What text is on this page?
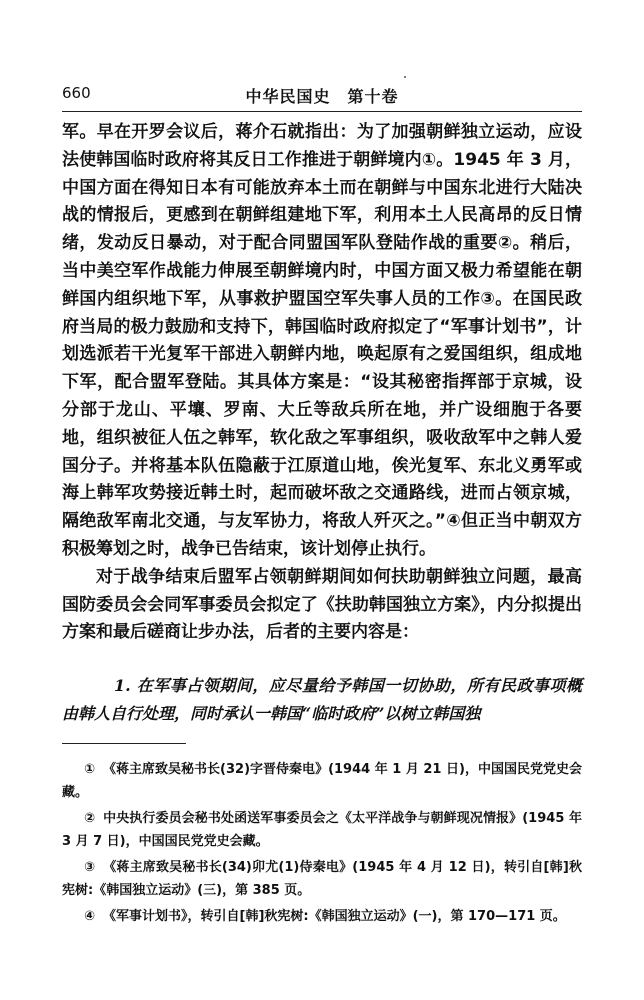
660	中华民国史　第十卷

军。早在开罗会议后，蒋介石就指出：为了加强朝鲜独立运动，应设法使韩国临时政府将其反日工作推进于朝鲜境内①。1945 年 3 月，中国方面在得知日本有可能放弃本土而在朝鲜与中国东北进行大陆决战的情报后，更感到在朝鲜组建地下军，利用本土人民高昂的反日情绪，发动反日暴动，对于配合同盟国军队登陆作战的重要②。稍后，当中美空军作战能力伸展至朝鲜境内时，中国方面又极力希望能在朝鲜国内组织地下军，从事救护盟国空军失事人员的工作③。在国民政府当局的极力鼓励和支持下，韩国临时政府拟定了“军事计划书”，计划选派若干光复军干部进入朝鲜内地，唤起原有之爱国组织，组成地下军，配合盟军登陆。其具体方案是：“设其秘密指挥部于京城，设分部于龙山、平壤、罗南、大丘等敌兵所在地，并广设细胞于各要地，组织被征人伍之韩军，软化敌之军事组织，吸收敌军中之韩人爱国分子。并将基本队伍隐蔽于江原道山地，俟光复军、东北义勇军或海上韩军攻势接近韩土时，起而破坏敌之交通路线，进而占领京城，隔绝敌军南北交通，与友军协力，将敌人歼灭之。”④但正当中朝双方积极筹划之时，战争已告结束，该计划停止执行。

对于战争结束后盟军占领朝鲜期间如何扶助朝鲜独立问题，最高国防委员会会同军事委员会拟定了《扶助韩国独立方案》，内分拟提出方案和最后磋商让步办法，后者的主要内容是：

1. 在军事占领期间，应尽量给予韩国一切协助，所有民政事项概由韩人自行处理，同时承认一韩国“临时政府”以树立韩国独

① 《蒋主席致吴秘书长(32)字晋侍秦电》(1944 年 1 月 21 日)，中国国民党党史会藏。

② 中央执行委员会秘书处函送军事委员会之《太平洋战争与朝鲜现况情报》(1945 年 3 月 7 日)，中国国民党党史会藏。

③ 《蒋主席致吴秘书长(34)卯尤(1)侍秦电》(1945 年 4 月 12 日)，转引自[韩]秋宪树:《韩国独立运动》(三)，第 385 页。

④ 《军事计划书》，转引自[韩]秋宪树:《韩国独立运动》(一)，第 170—171 页。
